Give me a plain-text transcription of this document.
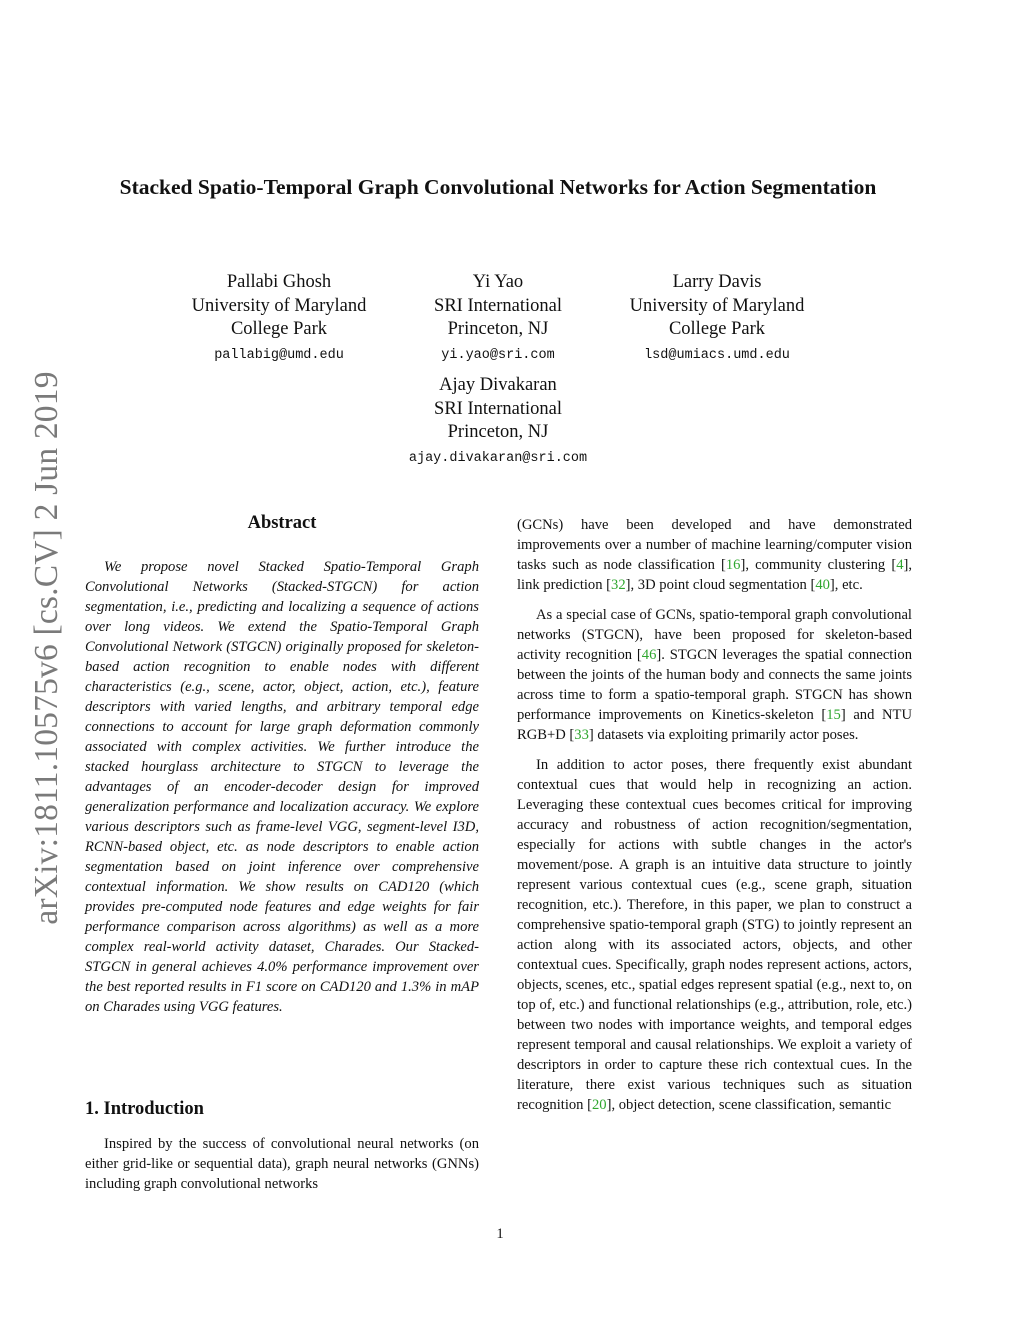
arXiv:1811.10575v6 [cs.CV] 2 Jun 2019
Stacked Spatio-Temporal Graph Convolutional Networks for Action Segmentation
Pallabi Ghosh
University of Maryland
College Park
pallabig@umd.edu
Yi Yao
SRI International
Princeton, NJ
yi.yao@sri.com
Larry Davis
University of Maryland
College Park
lsd@umiacs.umd.edu
Ajay Divakaran
SRI International
Princeton, NJ
ajay.divakaran@sri.com
Abstract

We propose novel Stacked Spatio-Temporal Graph Convolutional Networks (Stacked-STGCN) for action segmentation, i.e., predicting and localizing a sequence of actions over long videos. We extend the Spatio-Temporal Graph Convolutional Network (STGCN) originally proposed for skeleton-based action recognition to enable nodes with different characteristics (e.g., scene, actor, object, action, etc.), feature descriptors with varied lengths, and arbitrary temporal edge connections to account for large graph deformation commonly associated with complex activities. We further introduce the stacked hourglass architecture to STGCN to leverage the advantages of an encoder-decoder design for improved generalization performance and localization accuracy. We explore various descriptors such as frame-level VGG, segment-level I3D, RCNN-based object, etc. as node descriptors to enable action segmentation based on joint inference over comprehensive contextual information. We show results on CAD120 (which provides pre-computed node features and edge weights for fair performance comparison across algorithms) as well as a more complex real-world activity dataset, Charades. Our Stacked-STGCN in general achieves 4.0% performance improvement over the best reported results in F1 score on CAD120 and 1.3% in mAP on Charades using VGG features.

1. Introduction

Inspired by the success of convolutional neural networks (on either grid-like or sequential data), graph neural networks (GNNs) including graph convolutional networks

(GCNs) have been developed and have demonstrated improvements over a number of machine learning/computer vision tasks such as node classification [16], community clustering [4], link prediction [32], 3D point cloud segmentation [40], etc.

As a special case of GCNs, spatio-temporal graph convolutional networks (STGCN), have been proposed for skeleton-based activity recognition [46]. STGCN leverages the spatial connection between the joints of the human body and connects the same joints across time to form a spatio-temporal graph. STGCN has shown performance improvements on Kinetics-skeleton [15] and NTU RGB+D [33] datasets via exploiting primarily actor poses.

In addition to actor poses, there frequently exist abundant contextual cues that would help in recognizing an action. Leveraging these contextual cues becomes critical for improving accuracy and robustness of action recognition/segmentation, especially for actions with subtle changes in the actor's movement/pose. A graph is an intuitive data structure to jointly represent various contextual cues (e.g., scene graph, situation recognition, etc.). Therefore, in this paper, we plan to construct a comprehensive spatio-temporal graph (STG) to jointly represent an action along with its associated actors, objects, and other contextual cues. Specifically, graph nodes represent actions, actors, objects, scenes, etc., spatial edges represent spatial (e.g., next to, on top of, etc.) and functional relationships (e.g., attribution, role, etc.) between two nodes with importance weights, and temporal edges represent temporal and causal relationships. We exploit a variety of descriptors in order to capture these rich contextual cues. In the literature, there exist various techniques such as situation recognition [20], object detection, scene classification, semantic

1
